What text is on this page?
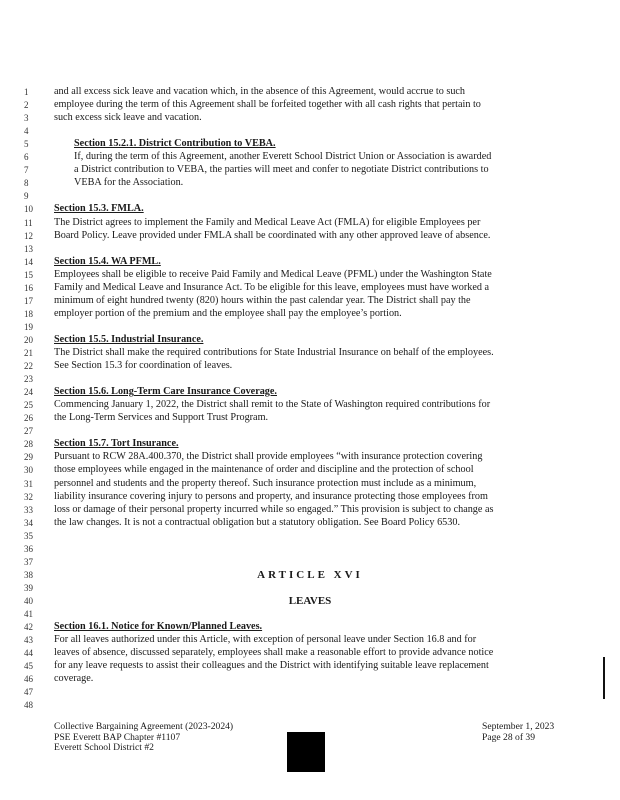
1	and all excess sick leave and vacation which, in the absence of this Agreement, would accrue to such
2	employee during the term of this Agreement shall be forfeited together with all cash rights that pertain to
3	such excess sick leave and vacation.
4
5	Section 15.2.1. District Contribution to VEBA.
6	If, during the term of this Agreement, another Everett School District Union or Association is awarded
7	a District contribution to VEBA, the parties will meet and confer to negotiate District contributions to
8	VEBA for the Association.
9
10	Section 15.3. FMLA.
11	The District agrees to implement the Family and Medical Leave Act (FMLA) for eligible Employees per
12	Board Policy. Leave provided under FMLA shall be coordinated with any other approved leave of absence.
13
14	Section 15.4. WA PFML.
15	Employees shall be eligible to receive Paid Family and Medical Leave (PFML) under the Washington State
16	Family and Medical Leave and Insurance Act. To be eligible for this leave, employees must have worked a
17	minimum of eight hundred twenty (820) hours within the past calendar year. The District shall pay the
18	employer portion of the premium and the employee shall pay the employee’s portion.
19
20	Section 15.5. Industrial Insurance.
21	The District shall make the required contributions for State Industrial Insurance on behalf of the employees.
22	See Section 15.3 for coordination of leaves.
23
24	Section 15.6. Long-Term Care Insurance Coverage.
25	Commencing January 1, 2022, the District shall remit to the State of Washington required contributions for
26	the Long-Term Services and Support Trust Program.
27
28	Section 15.7. Tort Insurance.
29	Pursuant to RCW 28A.400.370, the District shall provide employees “with insurance protection covering
30	those employees while engaged in the maintenance of order and discipline and the protection of school
31	personnel and students and the property thereof. Such insurance protection must include as a minimum,
32	liability insurance covering injury to persons and property, and insurance protecting those employees from
33	loss or damage of their personal property incurred while so engaged.” This provision is subject to change as
34	the law changes. It is not a contractual obligation but a statutory obligation. See Board Policy 6530.
35
36
37
38	ARTICLE XVI
39
40	LEAVES
41
42	Section 16.1. Notice for Known/Planned Leaves.
43	For all leaves authorized under this Article, with exception of personal leave under Section 16.8 and for
44	leaves of absence, discussed separately, employees shall make a reasonable effort to provide advance notice
45	for any leave requests to assist their colleagues and the District with identifying suitable leave replacement
46	coverage.
47
48
Collective Bargaining Agreement (2023-2024)
PSE Everett BAP Chapter #1107
Everett School District #2
September 1, 2023
Page 28 of 39
